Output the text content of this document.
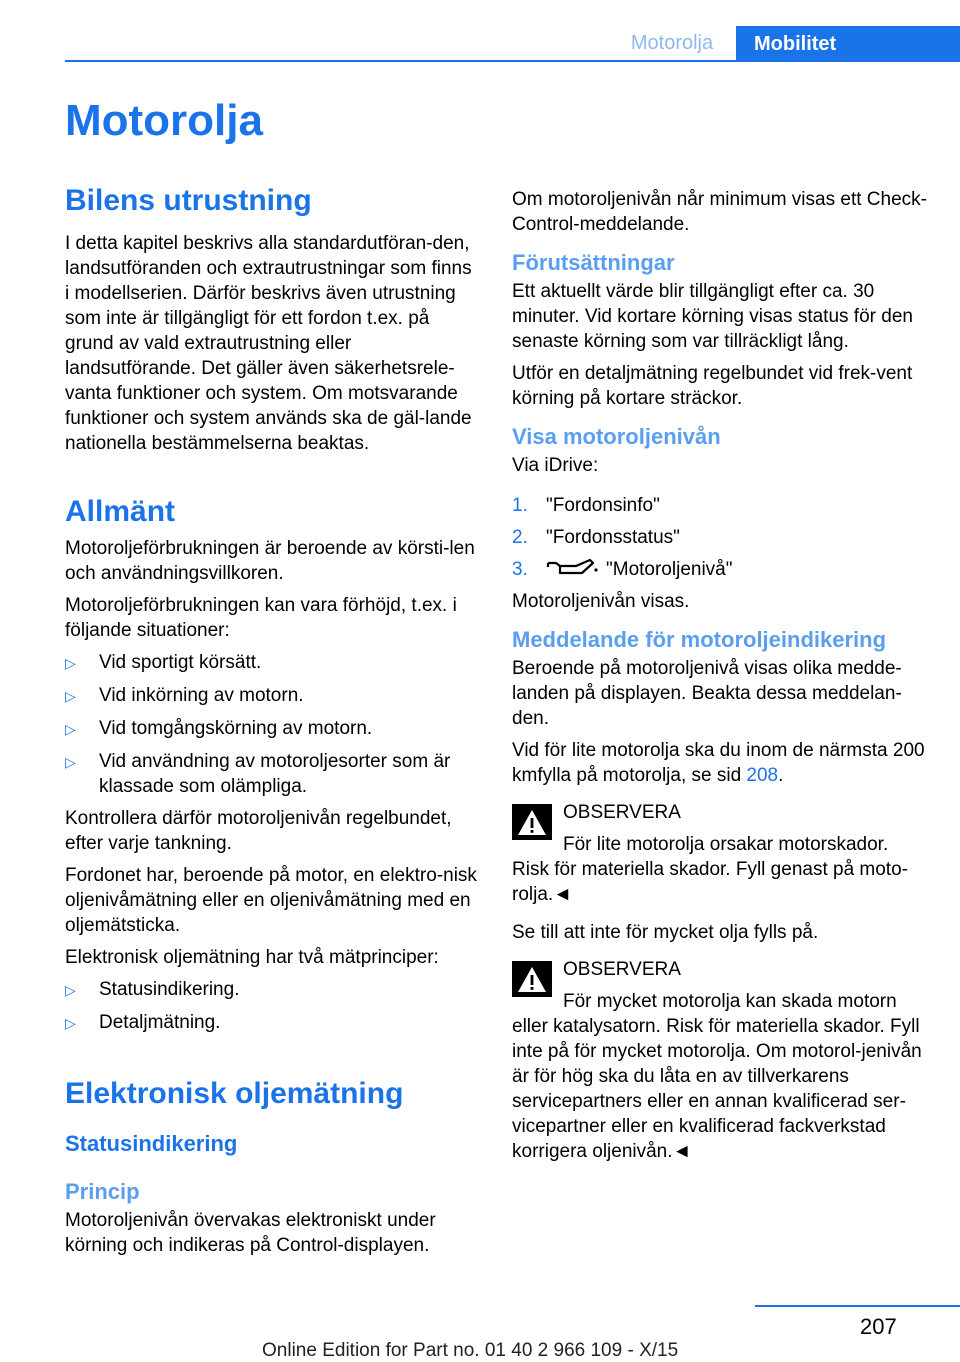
Motorolja	Mobilitet
Motorolja
Bilens utrustning
I detta kapitel beskrivs alla standardutföran-den, landsutföranden och extrautrustningar som finns i modellserien. Därför beskrivs även utrustning som inte är tillgängligt för ett fordon t.ex. på grund av vald extrautrustning eller landsutförande. Det gäller även säkerhetsrele-vanta funktioner och system. Om motsvarande funktioner och system används ska de gäl-lande nationella bestämmelserna beaktas.
Allmänt
Motoroljeförbrukningen är beroende av körsti-len och användningsvillkoren.
Motoroljeförbrukningen kan vara förhöjd, t.ex. i följande situationer:
▷	Vid sportigt körsätt.
▷	Vid inkörning av motorn.
▷	Vid tomgångskörning av motorn.
▷	Vid användning av motoroljesorter som är klassade som olämpliga.
Kontrollera därför motoroljenivån regelbundet, efter varje tankning.
Fordonet har, beroende på motor, en elektro-nisk oljenivåmätning eller en oljenivåmätning med en oljemätsticka.
Elektronisk oljemätning har två mätprinciper:
▷	Statusindikering.
▷	Detaljmätning.
Elektronisk oljemätning
Statusindikering
Princip
Motoroljenivån övervakas elektroniskt under körning och indikeras på Control-displayen.
Om motoroljenivån når minimum visas ett Check-Control-meddelande.
Förutsättningar
Ett aktuellt värde blir tillgängligt efter ca. 30 minuter. Vid kortare körning visas status för den senaste körning som var tillräckligt lång.
Utför en detaljmätning regelbundet vid frek-vent körning på kortare sträckor.
Visa motoroljenivån
Via iDrive:
1. "Fordonsinfo"
2. "Fordonsstatus"
3.	"Motoroljenivå"
Motoroljenivån visas.
Meddelande för motoroljeindikering
Beroende på motoroljenivå visas olika medde-landen på displayen. Beakta dessa meddelan-den.
Vid för lite motorolja ska du inom de närmsta 200 kmfylla på motorolja, se sid 208.
OBSERVERA
För lite motorolja orsakar motorskador.
Risk för materiella skador. Fyll genast på moto-rolja.◄
Se till att inte för mycket olja fylls på.
OBSERVERA
För mycket motorolja kan skada motorn
eller katalysatorn. Risk för materiella skador. Fyll inte på för mycket motorolja. Om motorol-jenivån är för hög ska du låta en av tillverkarens servicepartners eller en annan kvalificerad ser-vicepartner eller en kvalificerad fackverkstad korrigera oljenivån.◄
207
Online Edition for Part no. 01 40 2 966 109 - X/15
